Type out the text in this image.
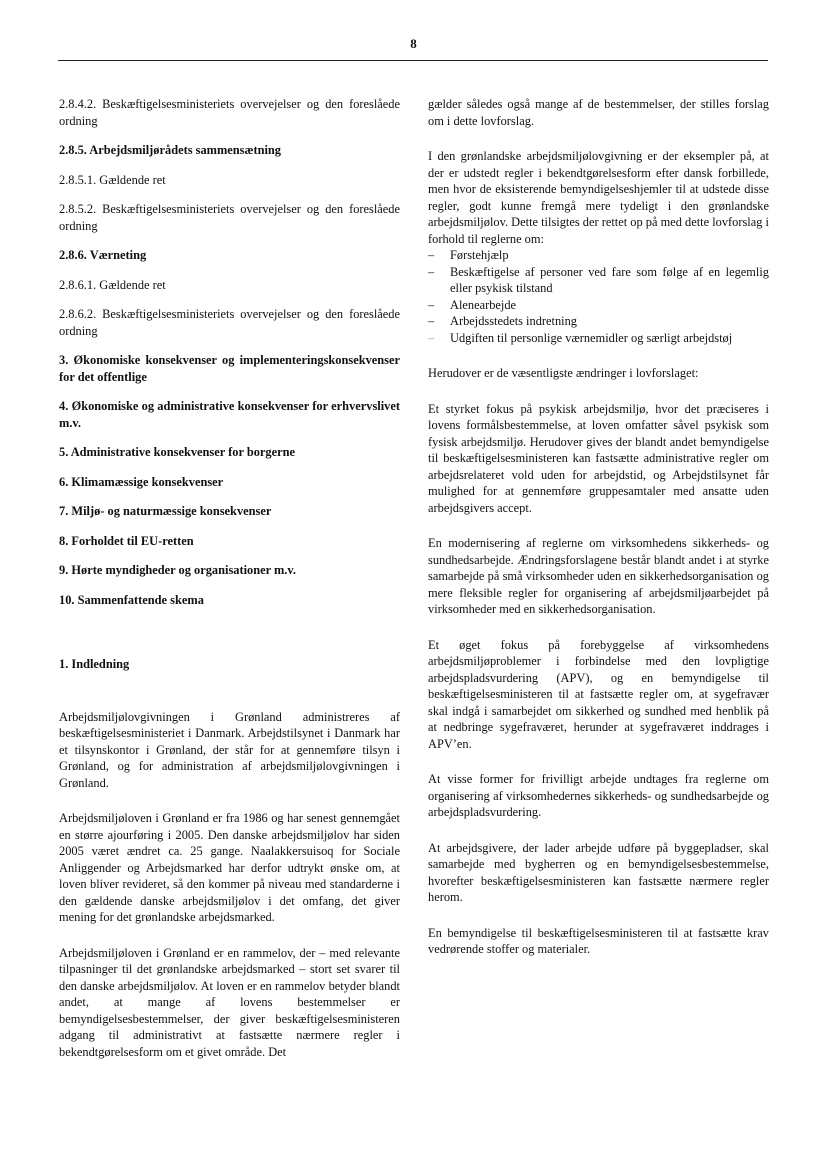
8

2.8.4.2. Beskæftigelsesministeriets overvejelser og den foreslåede ordning

2.8.5. Arbejdsmiljørådets sammensætning

2.8.5.1. Gældende ret

2.8.5.2. Beskæftigelsesministeriets overvejelser og den foreslåede ordning

2.8.6. Værneting

2.8.6.1. Gældende ret

2.8.6.2. Beskæftigelsesministeriets overvejelser og den foreslåede ordning

3. Økonomiske konsekvenser og implementeringskonsekvenser for det offentlige

4. Økonomiske og administrative konsekvenser for erhvervslivet m.v.

5. Administrative konsekvenser for borgerne

6. Klimamæssige konsekvenser

7. Miljø- og naturmæssige konsekvenser

8. Forholdet til EU-retten

9. Hørte myndigheder og organisationer m.v.

10. Sammenfattende skema

1. Indledning

Arbejdsmiljølovgivningen i Grønland administreres af beskæftigelsesministeriet i Danmark. Arbejdstilsynet i Danmark har et tilsynskontor i Grønland, der står for at gennemføre tilsyn i Grønland, og for administration af arbejdsmiljølovgivningen i Grønland.

Arbejdsmiljøloven i Grønland er fra 1986 og har senest gennemgået en større ajourføring i 2005. Den danske arbejdsmiljølov har siden 2005 været ændret ca. 25 gange. Naalakkersuisoq for Sociale Anliggender og Arbejdsmarked har derfor udtrykt ønske om, at loven bliver revideret, så den kommer på niveau med standarderne i den gældende danske arbejdsmiljølov i det omfang, det giver mening for det grønlandske arbejdsmarked.

Arbejdsmiljøloven i Grønland er en rammelov, der – med relevante tilpasninger til det grønlandske arbejdsmarked – stort set svarer til den danske arbejdsmiljølov. At loven er en rammelov betyder blandt andet, at mange af lovens bestemmelser er bemyndigelsesbestemmelser, der giver beskæftigelsesministeren adgang til administrativt at fastsætte nærmere regler i bekendtgørelsesform om et givet område. Det

gælder således også mange af de bestemmelser, der stilles forslag om i dette lovforslag.

I den grønlandske arbejdsmiljølovgivning er der eksempler på, at der er udstedt regler i bekendtgørelsesform efter dansk forbillede, men hvor de eksisterende bemyndigelseshjemler til at udstede disse regler, godt kunne fremgå mere tydeligt i den grønlandske arbejdsmiljølov. Dette tilsigtes der rettet op på med dette lovforslag i forhold til reglerne om:

– Førstehjælp
– Beskæftigelse af personer ved fare som følge af en legemlig eller psykisk tilstand
– Alenearbejde
– Arbejdsstedets indretning
– Udgiften til personlige værnemidler og særligt arbejdstøj

Herudover er de væsentligste ændringer i lovforslaget:

Et styrket fokus på psykisk arbejdsmiljø, hvor det præciseres i lovens formålsbestemmelse, at loven omfatter såvel psykisk som fysisk arbejdsmiljø. Herudover gives der blandt andet bemyndigelse til beskæftigelsesministeren kan fastsætte administrative regler om arbejdsrelateret vold uden for arbejdstid, og Arbejdstilsynet får mulighed for at gennemføre gruppesamtaler med ansatte uden arbejdsgivers accept.

En modernisering af reglerne om virksomhedens sikkerheds- og sundhedsarbejde. Ændringsforslagene består blandt andet i at styrke samarbejde på små virksomheder uden en sikkerhedsorganisation og mere fleksible regler for organisering af arbejdsmiljøarbejdet på virksomheder med en sikkerhedsorganisation.

Et øget fokus på forebyggelse af virksomhedens arbejdsmiljøproblemer i forbindelse med den lovpligtige arbejdspladsvurdering (APV), og en bemyndigelse til beskæftigelsesministeren til at fastsætte regler om, at sygefravær skal indgå i samarbejdet om sikkerhed og sundhed med henblik på at nedbringe sygefraværet, herunder at sygefraværet inddrages i APV’en.

At visse former for frivilligt arbejde undtages fra reglerne om organisering af virksomhedernes sikkerheds- og sundhedsarbejde og arbejdspladsvurdering.

At arbejdsgivere, der lader arbejde udføre på byggepladser, skal samarbejde med bygherren og en bemyndigelsesbestemmelse, hvorefter beskæftigelsesministeren kan fastsætte nærmere regler herom.

En bemyndigelse til beskæftigelsesministeren til at fastsætte krav vedrørende stoffer og materialer.
